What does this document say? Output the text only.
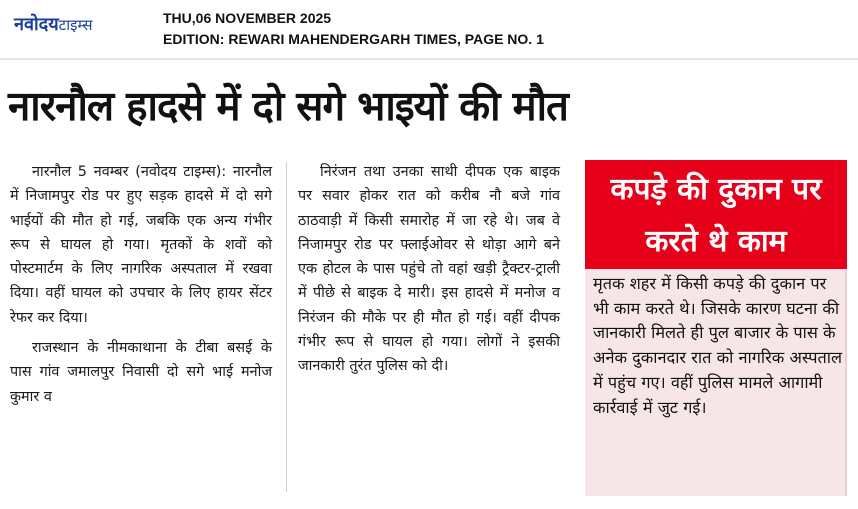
नवोदयटाइम्स	THU,06 NOVEMBER 2025
EDITION: REWARI MAHENDERGARH TIMES, PAGE NO. 1
नारनौल हादसे में दो सगे भाइयों की मौत

नारनौल 5 नवम्बर (नवोदय टाइम्स): नारनौल में निजामपुर रोड पर हुए सड़क हादसे में दो सगे भाईयों की मौत हो गई, जबकि एक अन्य गंभीर रूप से घायल हो गया। मृतकों के शवों को पोस्टमार्टम के लिए नागरिक अस्पताल में रखवा दिया। वहीं घायल को उपचार के लिए हायर सेंटर रेफर कर दिया।

राजस्थान के नीमकाथाना के टीबा बसई के पास गांव जमालपुर निवासी दो सगे भाई मनोज कुमार व

निरंजन तथा उनका साथी दीपक एक बाइक पर सवार होकर रात को करीब नौ बजे गांव ठाठवाड़ी में किसी समारोह में जा रहे थे। जब वे निजामपुर रोड पर फ्लाईओवर से थोड़ा आगे बने एक होटल के पास पहुंचे तो वहां खड़ी ट्रैक्टर-ट्राली में पीछे से बाइक दे मारी। इस हादसे में मनोज व निरंजन की मौके पर ही मौत हो गई। वहीं दीपक गंभीर रूप से घायल हो गया। लोगों ने इसकी जानकारी तुरंत पुलिस को दी।

कपड़े की दुकान पर करते थे काम
मृतक शहर में किसी कपड़े की दुकान पर भी काम करते थे। जिसके कारण घटना की जानकारी मिलते ही पुल बाजार के पास के अनेक दुकानदार रात को नागरिक अस्पताल में पहुंच गए। वहीं पुलिस मामले आगामी कार्रवाई में जुट गई।
